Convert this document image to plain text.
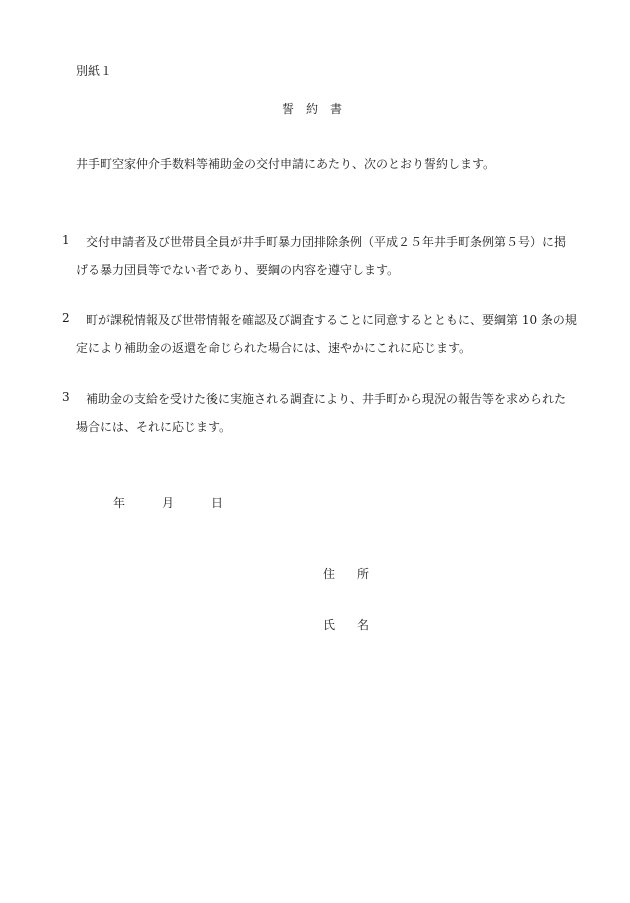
別紙１
誓約書
井手町空家仲介手数料等補助金の交付申請にあたり、次のとおり誓約します。
1 交付申請者及び世帯員全員が井手町暴力団排除条例（平成２５年井手町条例第５号）に掲
げる暴力団員等でない者であり、要綱の内容を遵守します。
2 町が課税情報及び世帯情報を確認及び調査することに同意するとともに、要綱第 10 条の規
定により補助金の返還を命じられた場合には、速やかにこれに応じます。
3 補助金の支給を受けた後に実施される調査により、井手町から現況の報告等を求められた
場合には、それに応じます。
年	月	日
住所
氏名
